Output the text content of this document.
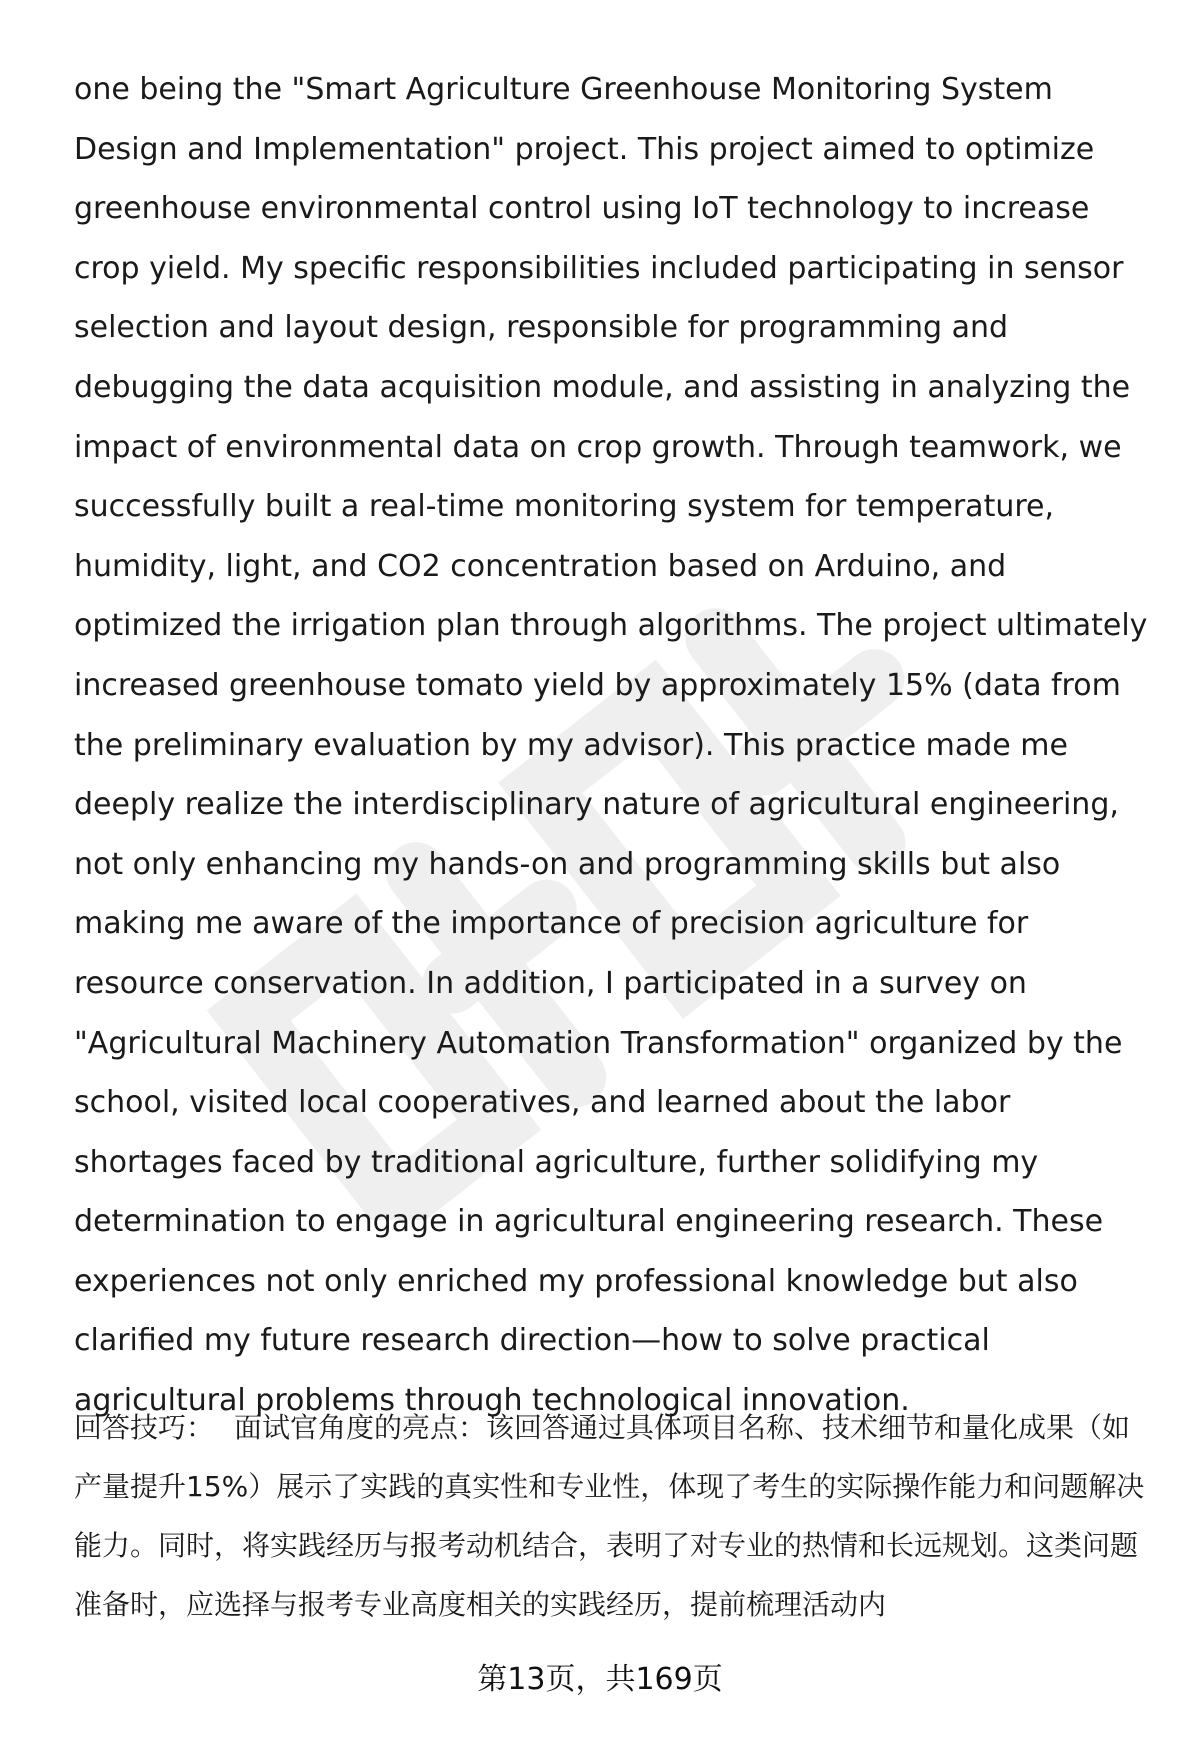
one being the "Smart Agriculture Greenhouse Monitoring System Design and Implementation" project. This project aimed to optimize greenhouse environmental control using IoT technology to increase crop yield. My specific responsibilities included participating in sensor selection and layout design, responsible for programming and debugging the data acquisition module, and assisting in analyzing the impact of environmental data on crop growth. Through teamwork, we successfully built a real-time monitoring system for temperature, humidity, light, and CO2 concentration based on Arduino, and optimized the irrigation plan through algorithms. The project ultimately increased greenhouse tomato yield by approximately 15% (data from the preliminary evaluation by my advisor). This practice made me deeply realize the interdisciplinary nature of agricultural engineering, not only enhancing my hands-on and programming skills but also making me aware of the importance of precision agriculture for resource conservation. In addition, I participated in a survey on "Agricultural Machinery Automation Transformation" organized by the school, visited local cooperatives, and learned about the labor shortages faced by traditional agriculture, further solidifying my determination to engage in agricultural engineering research. These experiences not only enriched my professional knowledge but also clarified my future research direction—how to solve practical agricultural problems through technological innovation.

回答技巧： 面试官角度的亮点：该回答通过具体项目名称、技术细节和量化成果（如产量提升15%）展示了实践的真实性和专业性，体现了考生的实际操作能力和问题解决能力。同时，将实践经历与报考动机结合，表明了对专业的热情和长远规划。这类问题准备时，应选择与报考专业高度相关的实践经历，提前梳理活动内

第13页，共169页
